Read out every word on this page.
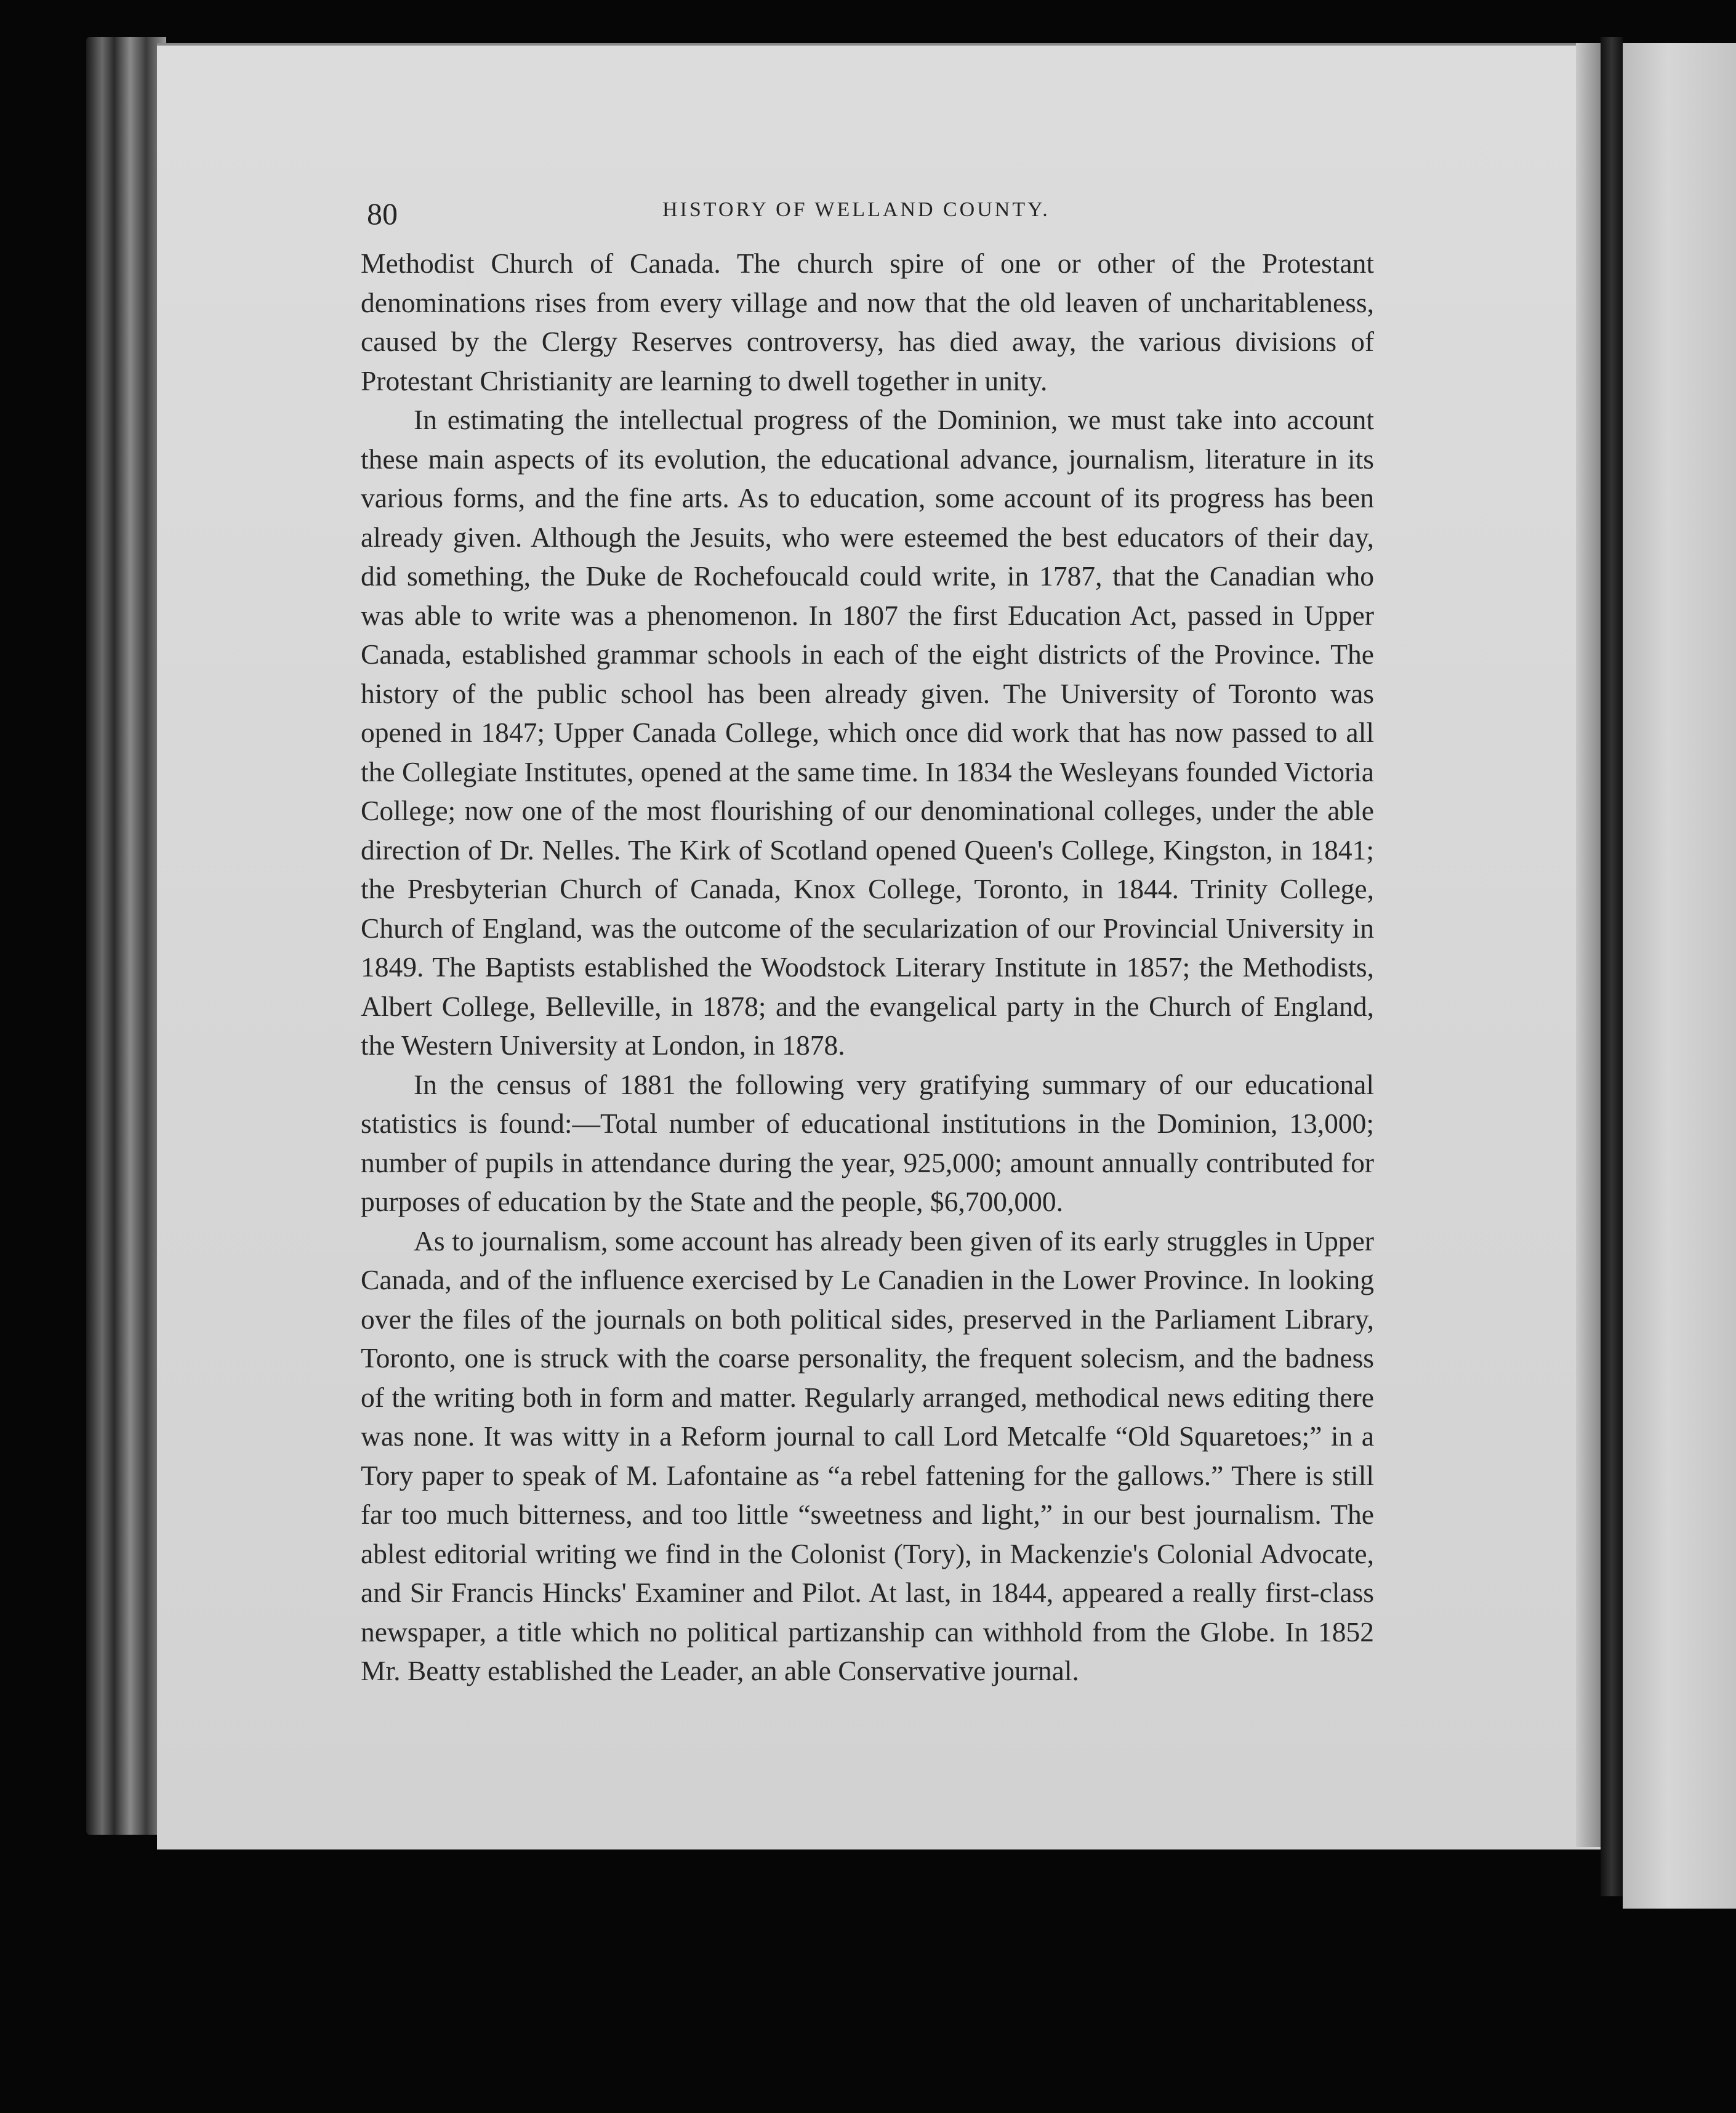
80	HISTORY OF WELLAND COUNTY.

Methodist Church of Canada. The church spire of one or other of the Protestant denominations rises from every village and now that the old leaven of uncharitableness, caused by the Clergy Reserves controversy, has died away, the various divisions of Protestant Christianity are learning to dwell together in unity.

In estimating the intellectual progress of the Dominion, we must take into account these main aspects of its evolution, the educational advance, journalism, literature in its various forms, and the fine arts. As to education, some account of its progress has been already given. Although the Jesuits, who were esteemed the best educators of their day, did something, the Duke de Rochefoucald could write, in 1787, that the Canadian who was able to write was a phenomenon. In 1807 the first Education Act, passed in Upper Canada, established grammar schools in each of the eight districts of the Province. The history of the public school has been already given. The University of Toronto was opened in 1847; Upper Canada College, which once did work that has now passed to all the Collegiate Institutes, opened at the same time. In 1834 the Wesleyans founded Victoria College; now one of the most flourishing of our denominational colleges, under the able direction of Dr. Nelles. The Kirk of Scotland opened Queen's College, Kingston, in 1841; the Presbyterian Church of Canada, Knox College, Toronto, in 1844. Trinity College, Church of England, was the outcome of the secularization of our Provincial University in 1849. The Baptists established the Woodstock Literary Institute in 1857; the Methodists, Albert College, Belleville, in 1878; and the evangelical party in the Church of England, the Western University at London, in 1878.

In the census of 1881 the following very gratifying summary of our educational statistics is found:—Total number of educational institutions in the Dominion, 13,000; number of pupils in attendance during the year, 925,000; amount annually contributed for purposes of education by the State and the people, $6,700,000.

As to journalism, some account has already been given of its early struggles in Upper Canada, and of the influence exercised by Le Canadien in the Lower Province. In looking over the files of the journals on both political sides, preserved in the Parliament Library, Toronto, one is struck with the coarse personality, the frequent solecism, and the badness of the writing both in form and matter. Regularly arranged, methodical news editing there was none. It was witty in a Reform journal to call Lord Metcalfe “Old Squaretoes;” in a Tory paper to speak of M. Lafontaine as “a rebel fattening for the gallows.” There is still far too much bitterness, and too little “sweetness and light,” in our best journalism. The ablest editorial writing we find in the Colonist (Tory), in Mackenzie's Colonial Advocate, and Sir Francis Hincks' Examiner and Pilot. At last, in 1844, appeared a really first-class newspaper, a title which no political partizanship can withhold from the Globe. In 1852 Mr. Beatty established the Leader, an able Conservative journal.
